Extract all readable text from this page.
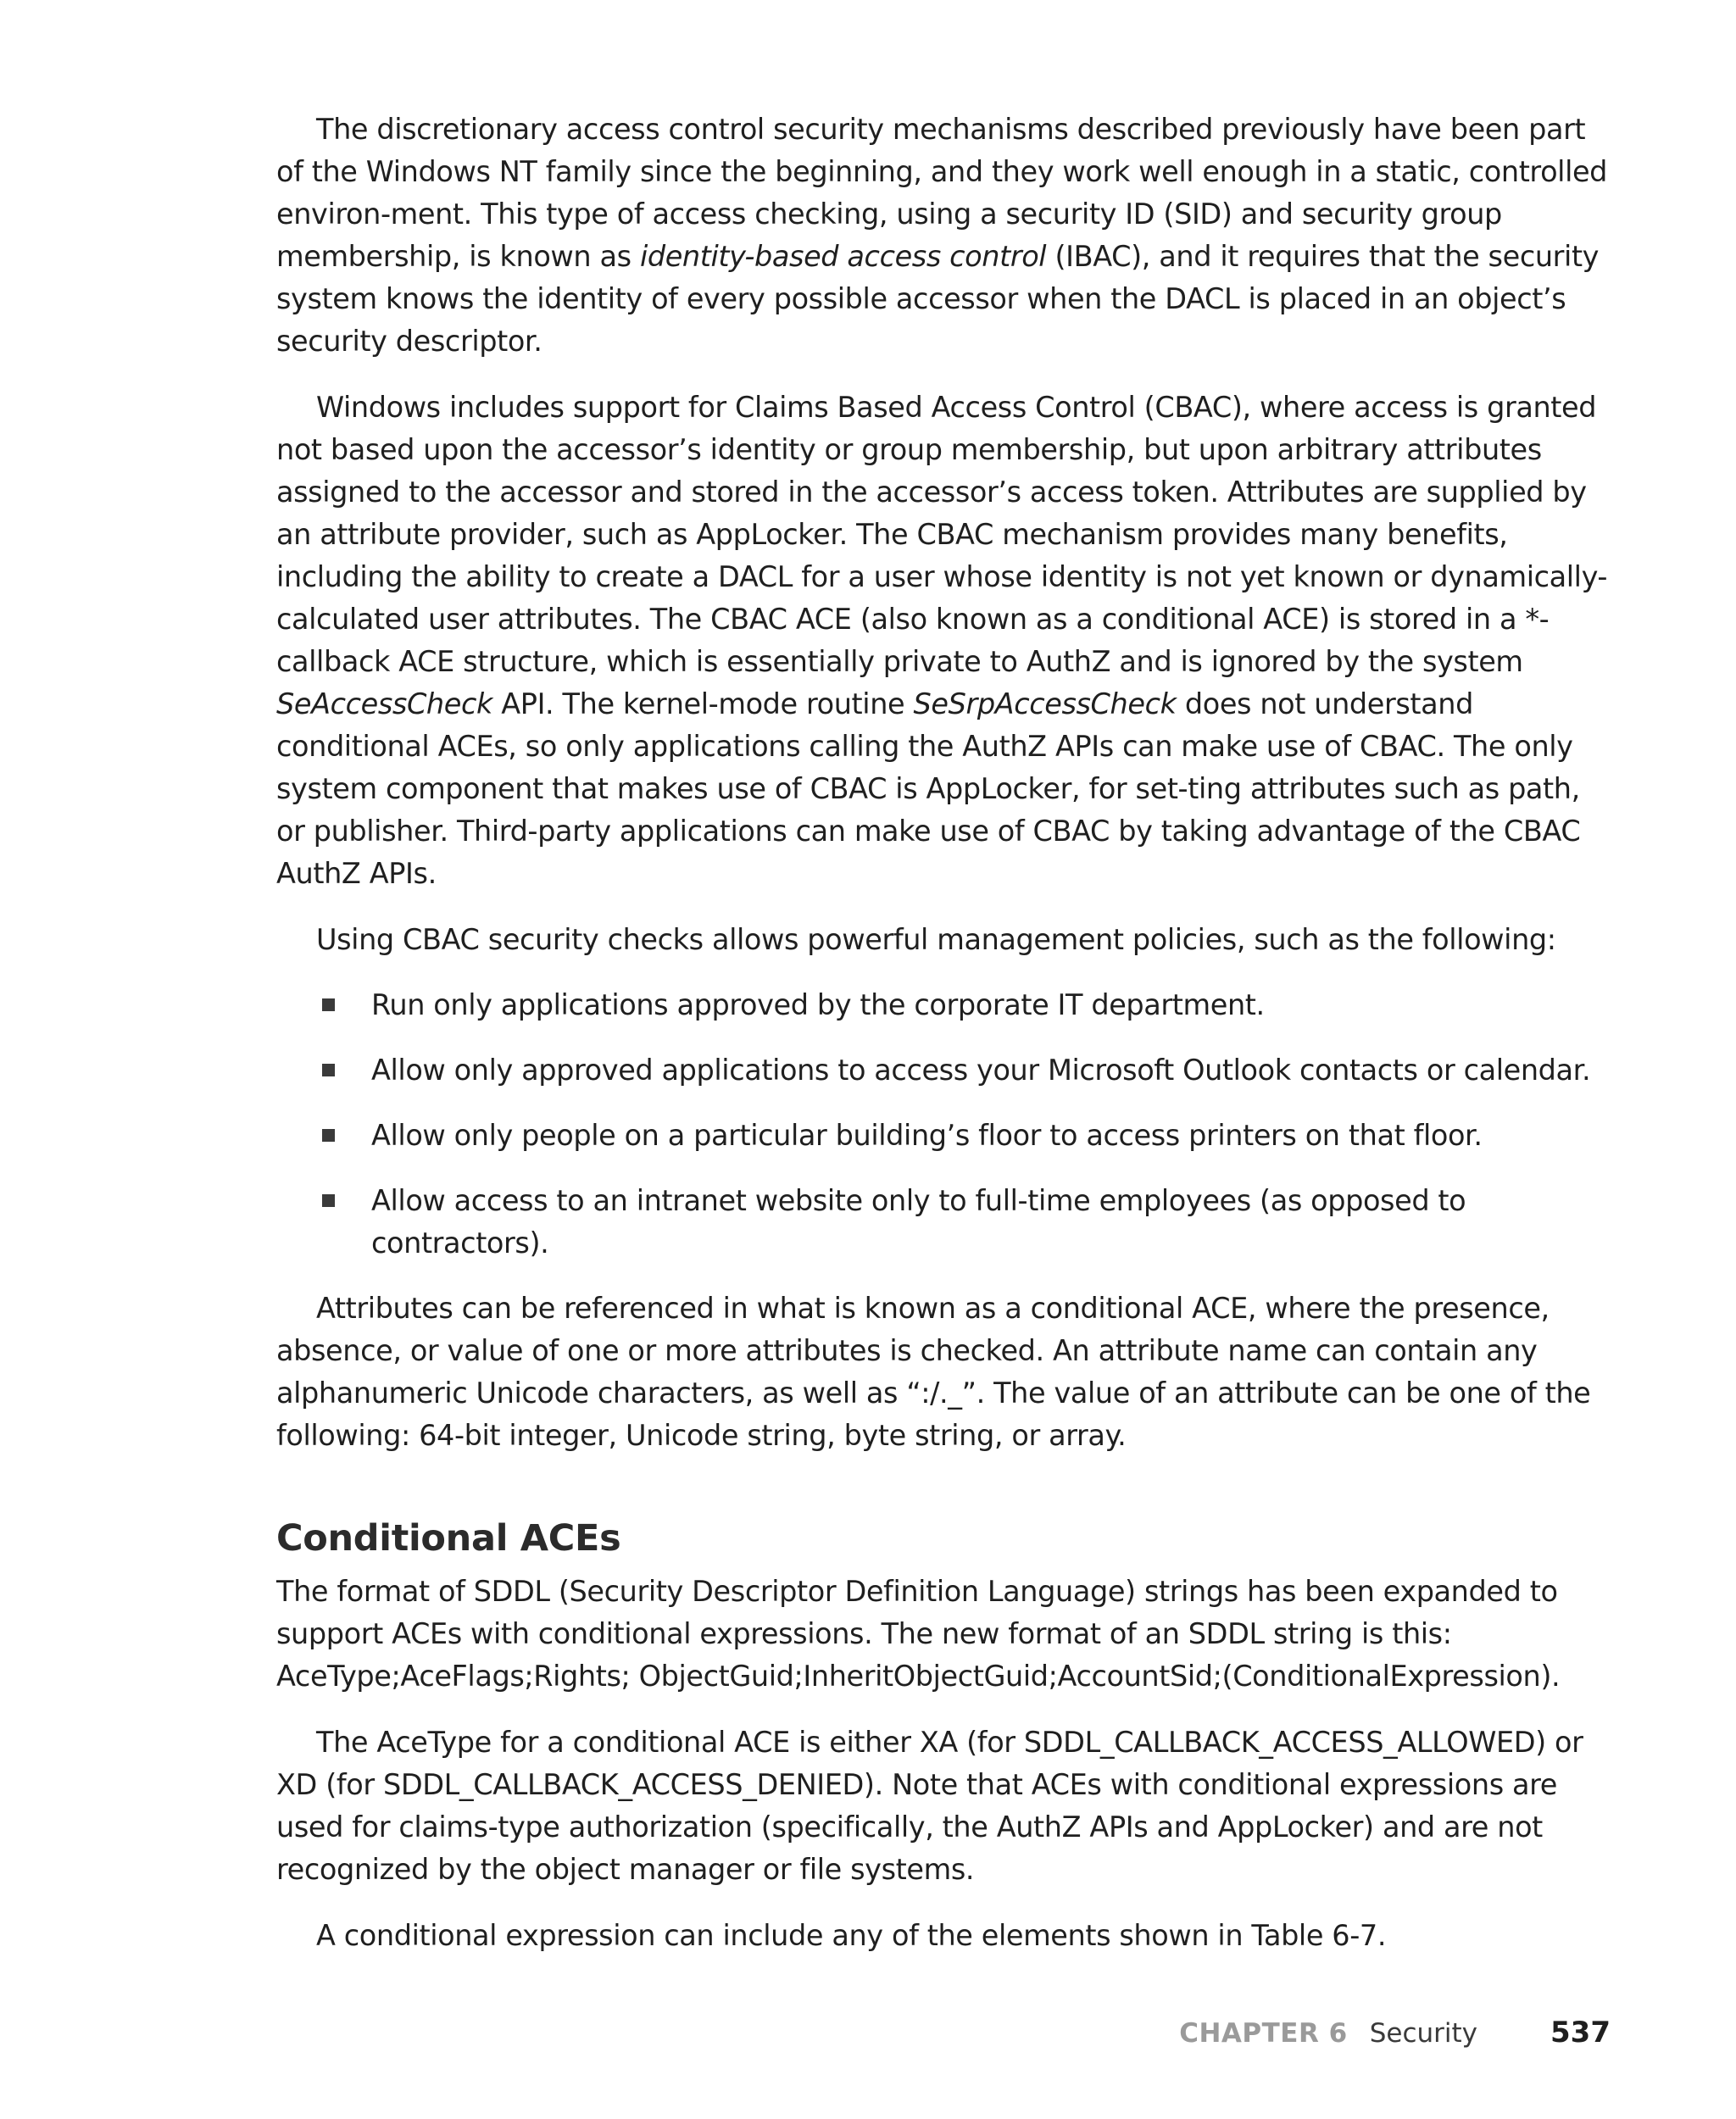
The discretionary access control security mechanisms described previously have been part of the Windows NT family since the beginning, and they work well enough in a static, controlled environ-ment. This type of access checking, using a security ID (SID) and security group membership, is known as identity-based access control (IBAC), and it requires that the security system knows the identity of every possible accessor when the DACL is placed in an object’s security descriptor.

Windows includes support for Claims Based Access Control (CBAC), where access is granted not based upon the accessor’s identity or group membership, but upon arbitrary attributes assigned to the accessor and stored in the accessor’s access token. Attributes are supplied by an attribute provider, such as AppLocker. The CBAC mechanism provides many benefits, including the ability to create a DACL for a user whose identity is not yet known or dynamically-calculated user attributes. The CBAC ACE (also known as a conditional ACE) is stored in a *-callback ACE structure, which is essentially private to AuthZ and is ignored by the system SeAccessCheck API. The kernel-mode routine SeSrpAccessCheck does not understand conditional ACEs, so only applications calling the AuthZ APIs can make use of CBAC. The only system component that makes use of CBAC is AppLocker, for set-ting attributes such as path, or publisher. Third-party applications can make use of CBAC by taking advantage of the CBAC AuthZ APIs.

Using CBAC security checks allows powerful management policies, such as the following:

Run only applications approved by the corporate IT department.
Allow only approved applications to access your Microsoft Outlook contacts or calendar.
Allow only people on a particular building’s floor to access printers on that floor.
Allow access to an intranet website only to full-time employees (as opposed to contractors).

Attributes can be referenced in what is known as a conditional ACE, where the presence, absence, or value of one or more attributes is checked. An attribute name can contain any alphanumeric Unicode characters, as well as “:/._”. The value of an attribute can be one of the following: 64-bit integer, Unicode string, byte string, or array.

Conditional ACEs

The format of SDDL (Security Descriptor Definition Language) strings has been expanded to support ACEs with conditional expressions. The new format of an SDDL string is this: AceType;AceFlags;Rights; ObjectGuid;InheritObjectGuid;AccountSid;(ConditionalExpression).

The AceType for a conditional ACE is either XA (for SDDL_CALLBACK_ACCESS_ALLOWED) or XD (for SDDL_CALLBACK_ACCESS_DENIED). Note that ACEs with conditional expressions are used for claims-type authorization (specifically, the AuthZ APIs and AppLocker) and are not recognized by the object manager or file systems.

A conditional expression can include any of the elements shown in Table 6-7.

CHAPTER 6 Security	537
